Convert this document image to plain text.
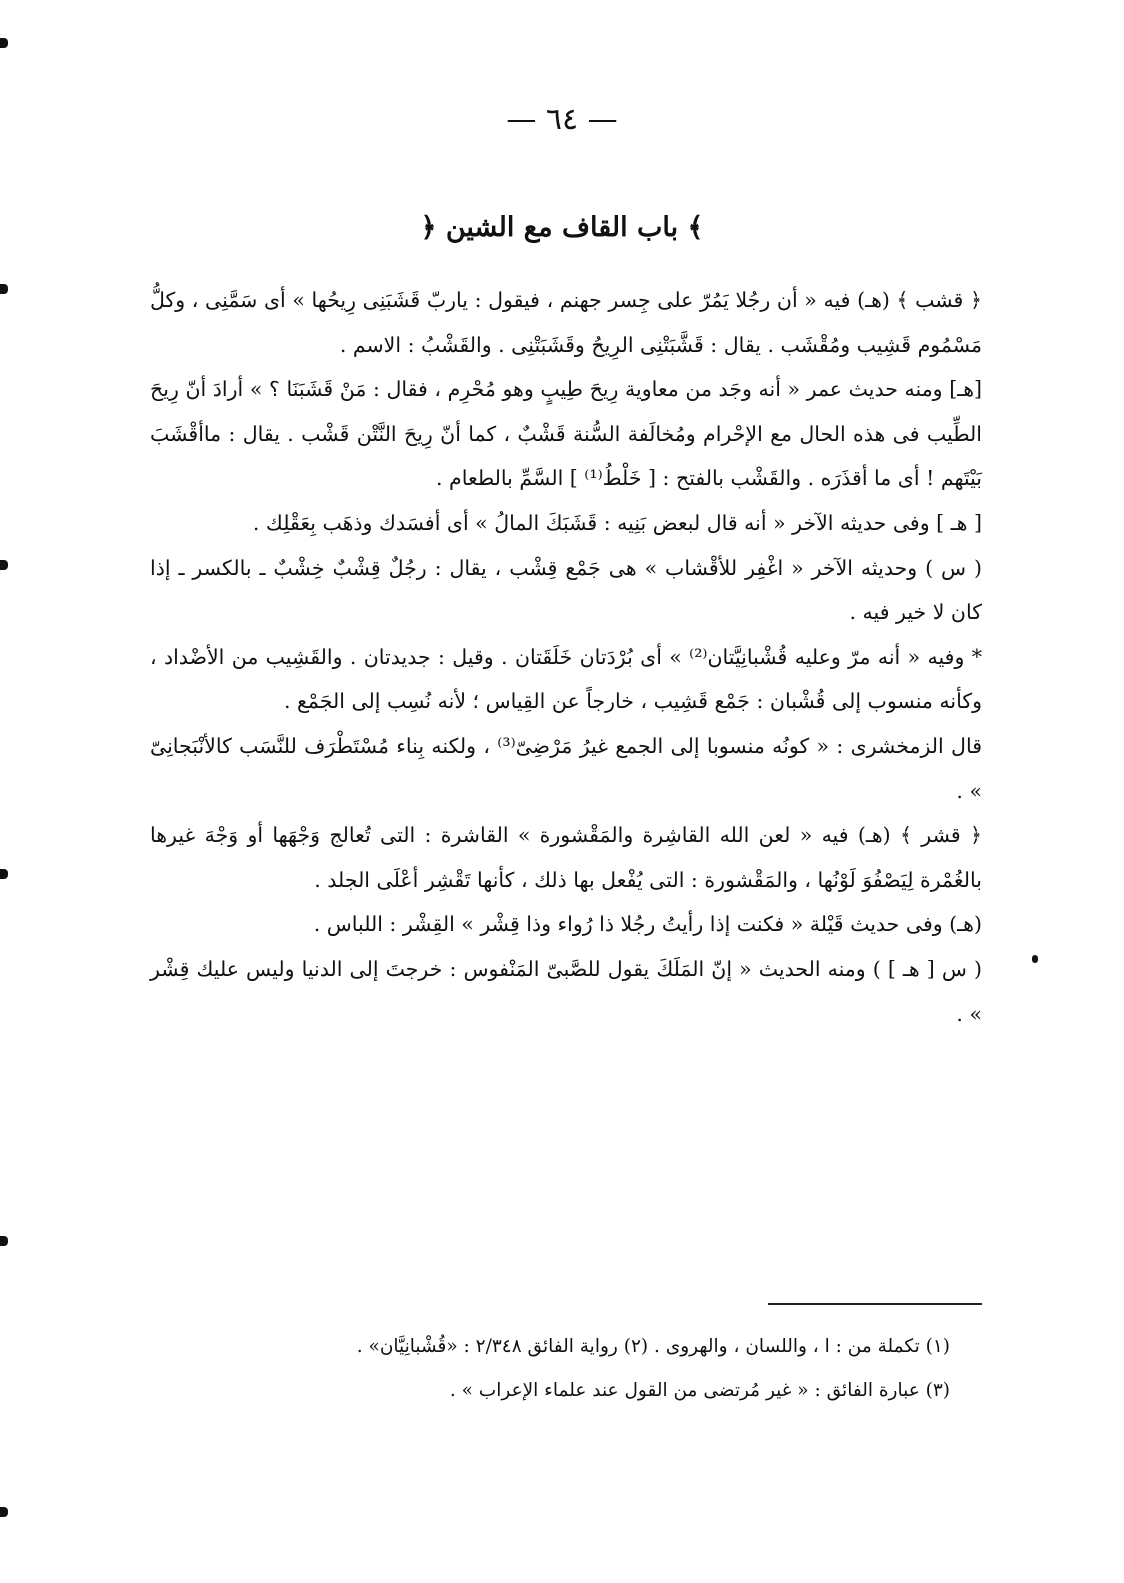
— ٦٤ —
﴿ باب القاف مع الشين ﴾

﴿ قشب ﴾ (هـ) فيه « أن رجُلا يَمُرّ على جِسر جهنم ، فيقول : ياربّ قَشَبَنِى رِيحُها » أى سَمَّنِى ، وكلُّ مَسْمُوم قَشِيب ومُقْشَب . يقال : قَشَّبَتْنِى الرِيحُ وقَشَبَتْنِى . والقَشْبُ : الاسم .

[هـ] ومنه حديث عمر « أنه وجَد من معاوية رِيحَ طِيبٍ وهو مُحْرِم ، فقال : مَنْ قَشَبَنَا ؟ » أرادَ أنّ رِيحَ الطِّيب فى هذه الحال مع الإحْرام ومُخالَفة السُّنة قَشْبٌ ، كما أنّ رِيحَ النَّتْن قَشْب . يقال : ماأقْشَبَ بَيْتَهم ! أى ما أقذَرَه . والقَشْب بالفتح : [ خَلْطُ⁽¹⁾ ] السَّمِّ بالطعام .

[ هـ ] وفى حديثه الآخر « أنه قال لبعض بَنِيه : قَشَبَكَ المالُ » أى أفسَدك وذهَب بِعَقْلِك .

( س ) وحديثه الآخر « اغْفِر للأقْشاب » هى جَمْع قِشْب ، يقال : رجُلٌ قِشْبٌ خِشْبٌ ـ بالكسر ـ إذا كان لا خير فيه .

* وفيه « أنه مرّ وعليه قُشْبانِيَّتان⁽²⁾ » أى بُرْدَتان خَلَقَتان . وقيل : جديدتان . والقَشِيب من الأضْداد ، وكأنه منسوب إلى قُشْبان : جَمْع قَشِيب ، خارجاً عن القِياس ؛ لأنه نُسِب إلى الجَمْع .

قال الزمخشرى : « كونُه منسوبا إلى الجمع غيرُ مَرْضِىّ⁽³⁾ ، ولكنه بِناء مُسْتَطْرَف للنَّسَب كالأنْبَجانِىّ » .

﴿ قشر ﴾ (هـ) فيه « لعن الله القاشِرة والمَقْشورة » القاشرة : التى تُعالج وَجْهَها أو وَجْهَ غيرها بالغُمْرة لِيَصْفُوَ لَوْنُها ، والمَقْشورة : التى يُفْعل بها ذلك ، كأنها تَقْشِر أعْلَى الجلد .

(هـ) وفى حديث قَيْلة « فكنت إذا رأيتُ رجُلا ذا رُواء وذا قِشْر » القِشْر : اللباس .

( س [ هـ ] ) ومنه الحديث « إنّ المَلَكَ يقول للصَّبىّ المَنْفوس : خرجتَ إلى الدنيا وليس عليك قِشْر » .

(١) تكملة من : ا ، واللسان ، والهروى . (٢) رواية الفائق ٢/٣٤٨ : «قُشْبانِيَّان» .

(٣) عبارة الفائق : « غير مُرتضى من القول عند علماء الإعراب » .
